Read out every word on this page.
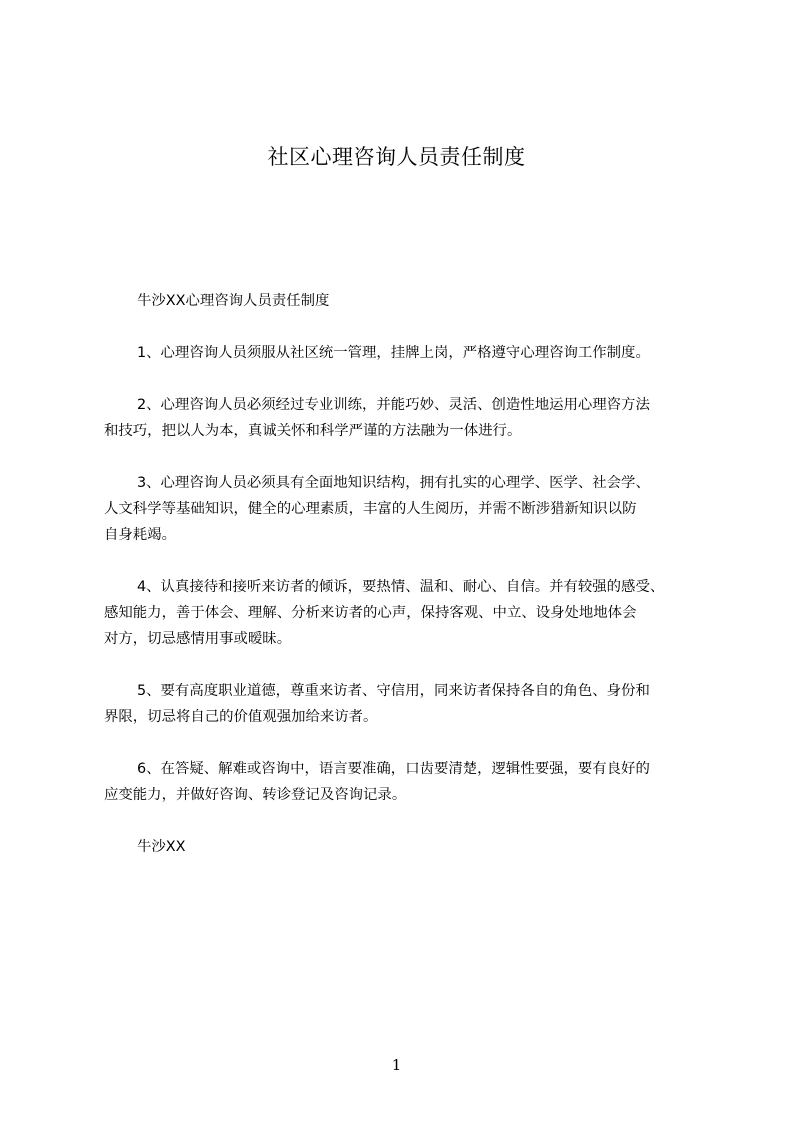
社区心理咨询人员责任制度

牛沙XX心理咨询人员责任制度

1、心理咨询人员须服从社区统一管理，挂牌上岗，严格遵守心理咨询工作制度。

2、心理咨询人员必须经过专业训练，并能巧妙、灵活、创造性地运用心理咨方法
和技巧，把以人为本，真诚关怀和科学严谨的方法融为一体进行。

3、心理咨询人员必须具有全面地知识结构，拥有扎实的心理学、医学、社会学、
人文科学等基础知识，健全的心理素质，丰富的人生阅历，并需不断涉猎新知识以防
自身耗竭。

4、认真接待和接听来访者的倾诉，要热情、温和、耐心、自信。并有较强的感受、
感知能力，善于体会、理解、分析来访者的心声，保持客观、中立、设身处地地体会
对方，切忌感情用事或暧昧。

5、要有高度职业道德，尊重来访者、守信用，同来访者保持各自的角色、身份和
界限，切忌将自己的价值观强加给来访者。

6、在答疑、解难或咨询中，语言要准确，口齿要清楚，逻辑性要强，要有良好的
应变能力，并做好咨询、转诊登记及咨询记录。

牛沙XX

1
